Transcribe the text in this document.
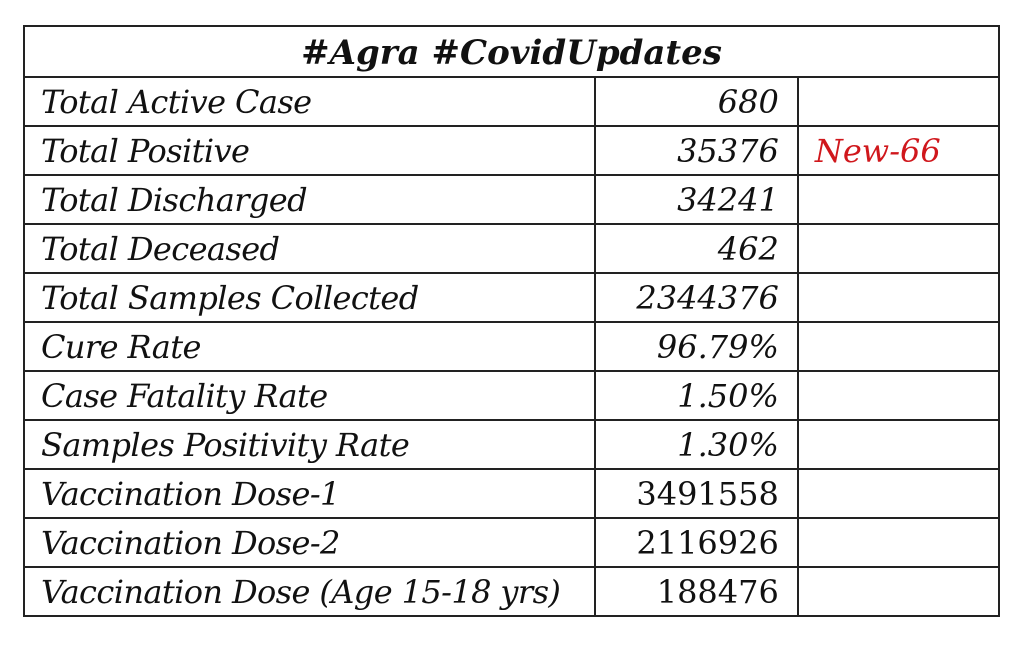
#Agra #CovidUpdates		
Total Active Case	680	
Total Positive	35376	New-66
Total Discharged	34241	
Total Deceased	462	
Total Samples Collected	2344376	
Cure Rate	96.79%	
Case Fatality Rate	1.50%	
Samples Positivity Rate	1.30%	
Vaccination Dose-1	3491558	
Vaccination Dose-2	2116926	
Vaccination Dose (Age 15-18 yrs)	188476	
